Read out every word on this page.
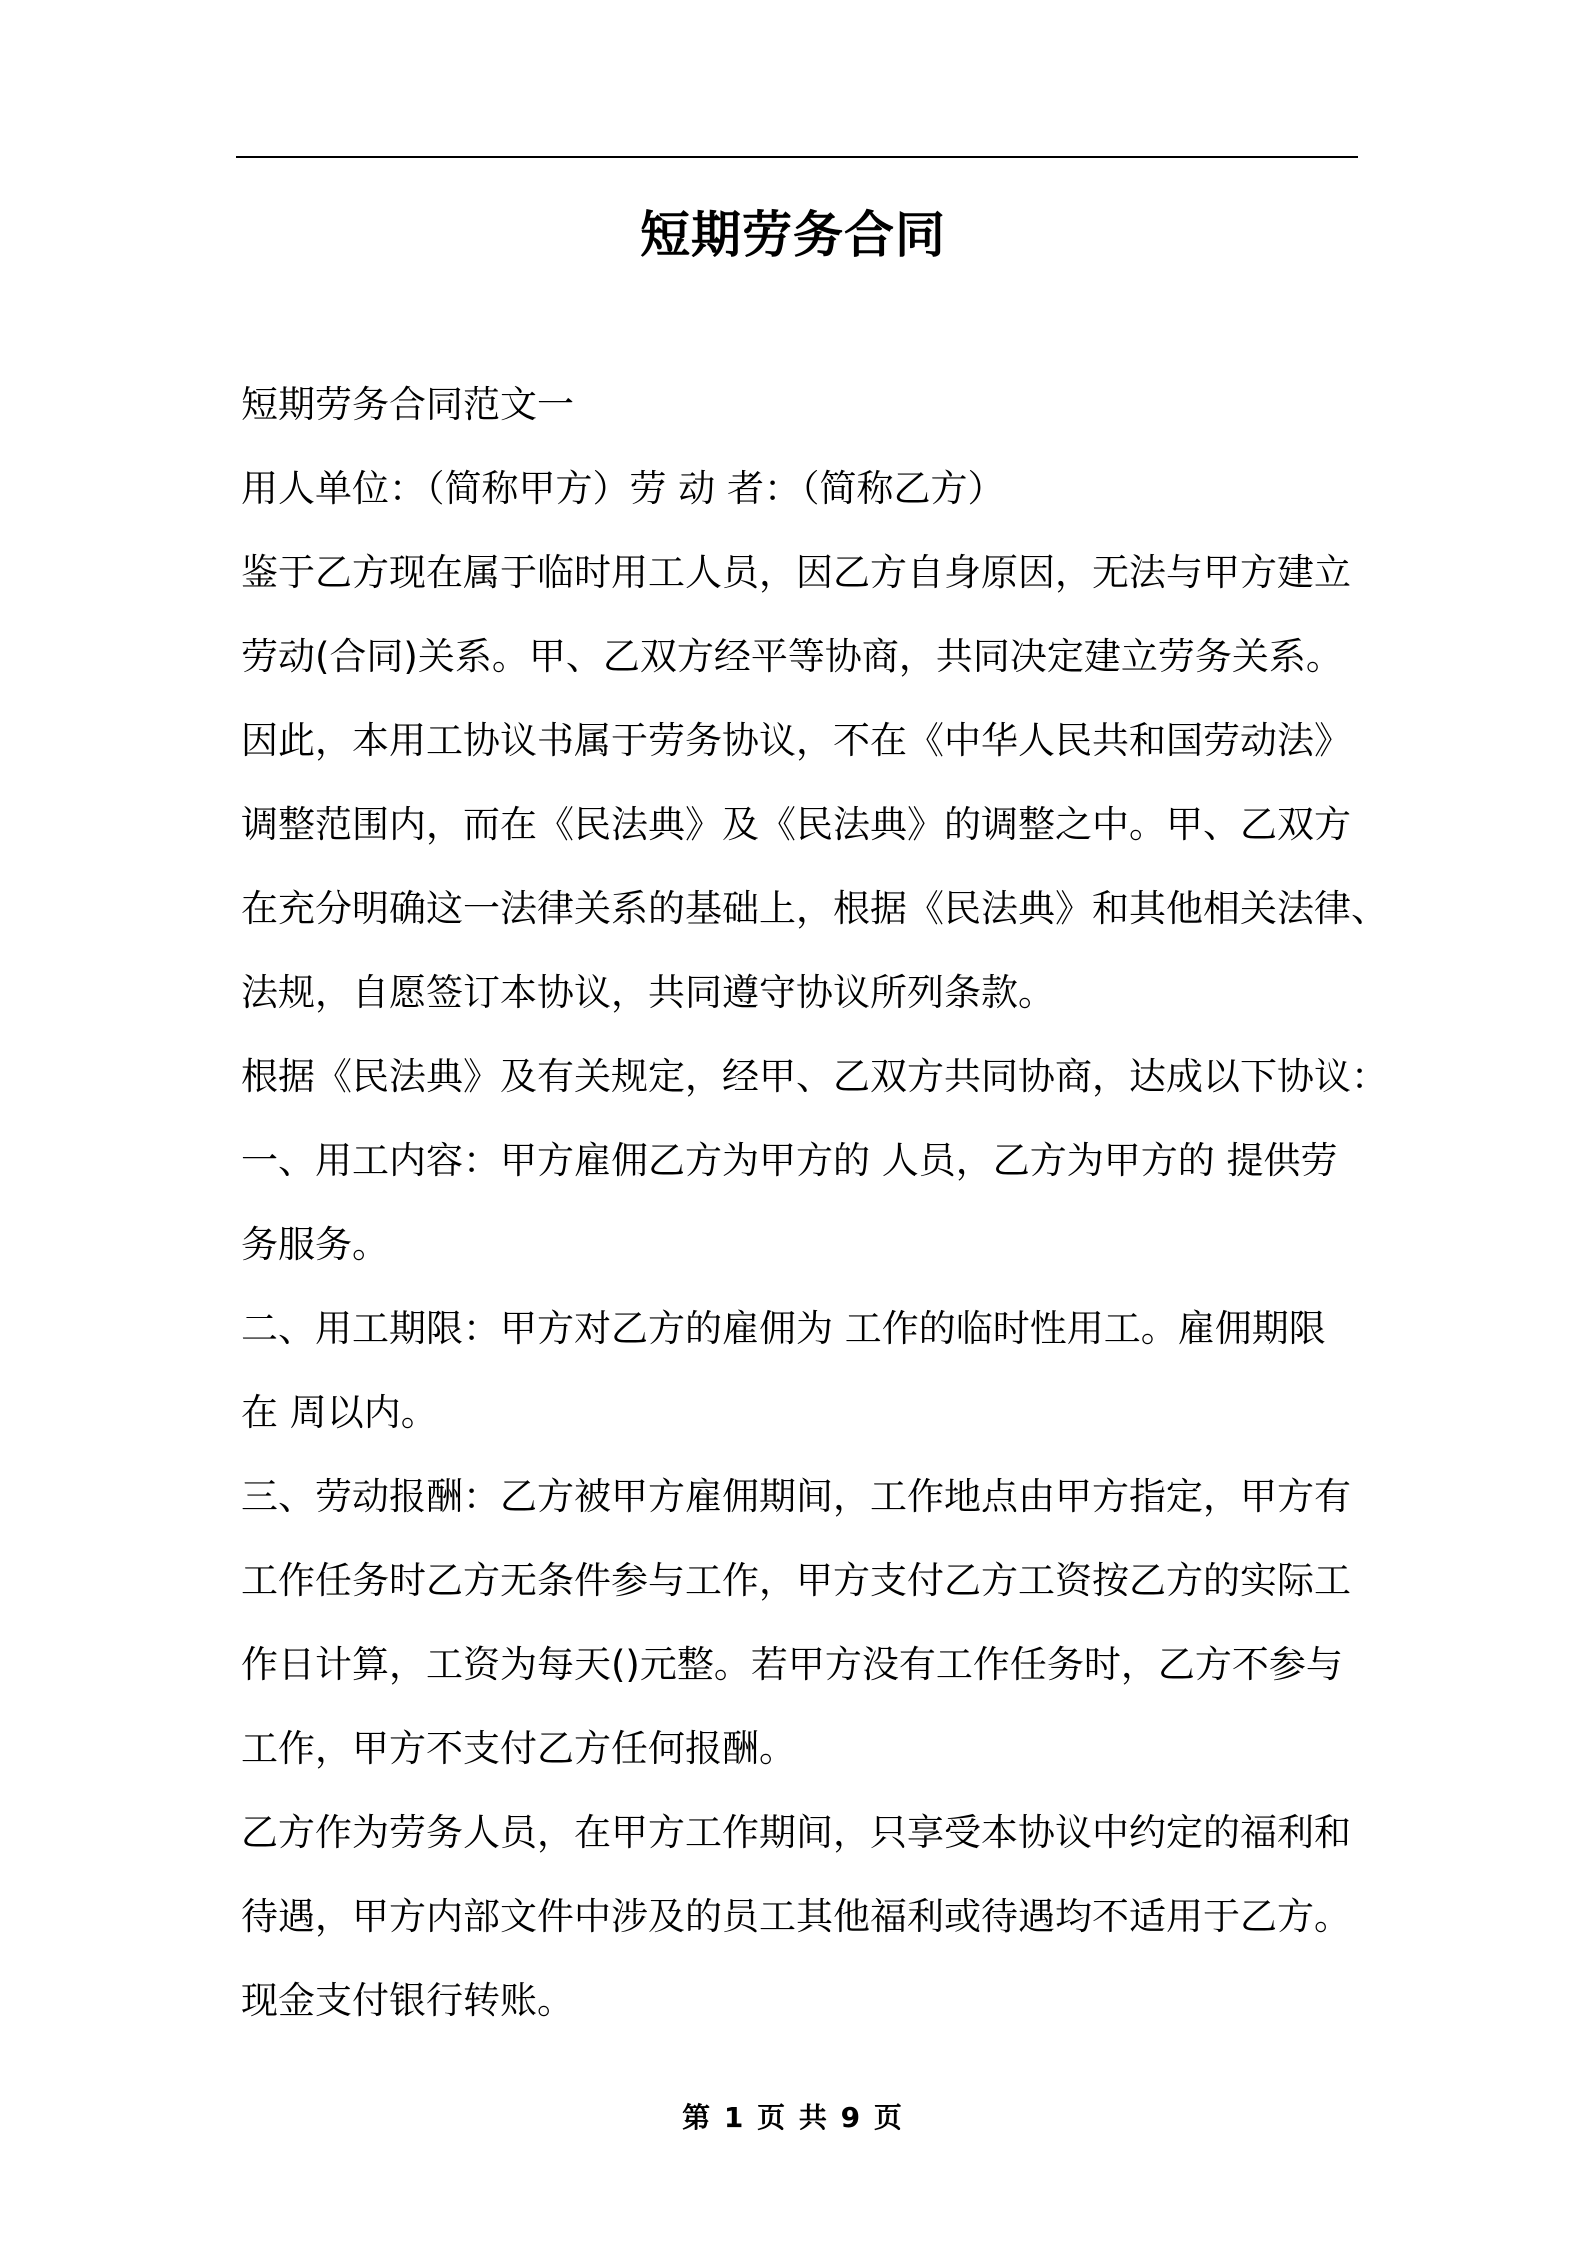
短期劳务合同

短期劳务合同范文一

用人单位：（简称甲方）劳 动 者：（简称乙方）

鉴于乙方现在属于临时用工人员，因乙方自身原因，无法与甲方建立

劳动(合同)关系。甲、乙双方经平等协商，共同决定建立劳务关系。

因此，本用工协议书属于劳务协议，不在《中华人民共和国劳动法》

调整范围内，而在《民法典》及《民法典》的调整之中。甲、乙双方

在充分明确这一法律关系的基础上，根据《民法典》和其他相关法律、

法规，自愿签订本协议，共同遵守协议所列条款。

根据《民法典》及有关规定，经甲、乙双方共同协商，达成以下协议：

一、用工内容：甲方雇佣乙方为甲方的 人员，乙方为甲方的 提供劳

务服务。

二、用工期限：甲方对乙方的雇佣为 工作的临时性用工。雇佣期限

在 周以内。

三、劳动报酬：乙方被甲方雇佣期间，工作地点由甲方指定，甲方有

工作任务时乙方无条件参与工作，甲方支付乙方工资按乙方的实际工

作日计算，工资为每天()元整。若甲方没有工作任务时，乙方不参与

工作，甲方不支付乙方任何报酬。

乙方作为劳务人员，在甲方工作期间，只享受本协议中约定的福利和

待遇，甲方内部文件中涉及的员工其他福利或待遇均不适用于乙方。

现金支付银行转账。

第 1 页 共 9 页
